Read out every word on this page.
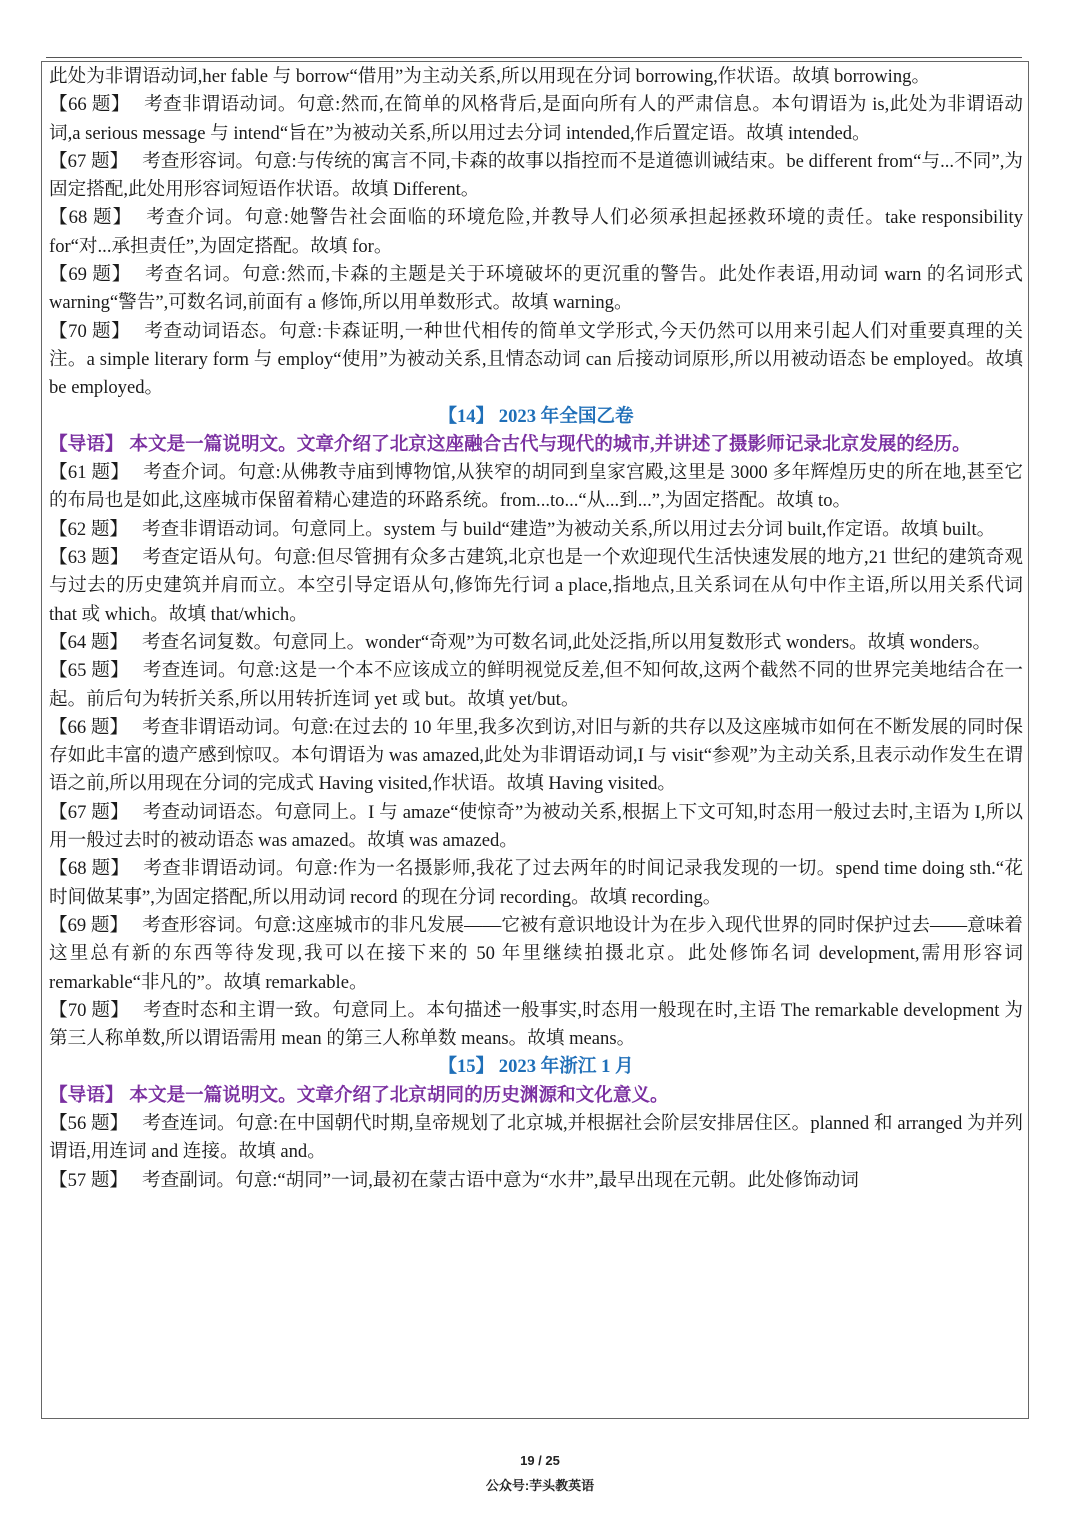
此处为非谓语动词,her fable 与 borrow“借用”为主动关系,所以用现在分词 borrowing,作状语。故填 borrowing。

【66 题】 考查非谓语动词。句意:然而,在简单的风格背后,是面向所有人的严肃信息。本句谓语为 is,此处为非谓语动词,a serious message 与 intend“旨在”为被动关系,所以用过去分词 intended,作后置定语。故填 intended。

【67 题】 考查形容词。句意:与传统的寓言不同,卡森的故事以指控而不是道德训诫结束。be different from“与...不同”,为固定搭配,此处用形容词短语作状语。故填 Different。

【68 题】 考查介词。句意:她警告社会面临的环境危险,并教导人们必须承担起拯救环境的责任。take responsibility for“对...承担责任”,为固定搭配。故填 for。

【69 题】 考查名词。句意:然而,卡森的主题是关于环境破坏的更沉重的警告。此处作表语,用动词 warn 的名词形式 warning“警告”,可数名词,前面有 a 修饰,所以用单数形式。故填 warning。

【70 题】 考查动词语态。句意:卡森证明,一种世代相传的简单文学形式,今天仍然可以用来引起人们对重要真理的关注。a simple literary form 与 employ“使用”为被动关系,且情态动词 can 后接动词原形,所以用被动语态 be employed。故填 be employed。

【14】 2023 年全国乙卷

【导语】 本文是一篇说明文。文章介绍了北京这座融合古代与现代的城市,并讲述了摄影师记录北京发展的经历。

【61 题】 考查介词。句意:从佛教寺庙到博物馆,从狭窄的胡同到皇家宫殿,这里是 3000 多年辉煌历史的所在地,甚至它的布局也是如此,这座城市保留着精心建造的环路系统。from...to...“从...到...”,为固定搭配。故填 to。

【62 题】 考查非谓语动词。句意同上。system 与 build“建造”为被动关系,所以用过去分词 built,作定语。故填 built。

【63 题】 考查定语从句。句意:但尽管拥有众多古建筑,北京也是一个欢迎现代生活快速发展的地方,21 世纪的建筑奇观与过去的历史建筑并肩而立。本空引导定语从句,修饰先行词 a place,指地点,且关系词在从句中作主语,所以用关系代词 that 或 which。故填 that/which。

【64 题】 考查名词复数。句意同上。wonder“奇观”为可数名词,此处泛指,所以用复数形式 wonders。故填 wonders。

【65 题】 考查连词。句意:这是一个本不应该成立的鲜明视觉反差,但不知何故,这两个截然不同的世界完美地结合在一起。前后句为转折关系,所以用转折连词 yet 或 but。故填 yet/but。

【66 题】 考查非谓语动词。句意:在过去的 10 年里,我多次到访,对旧与新的共存以及这座城市如何在不断发展的同时保存如此丰富的遗产感到惊叹。本句谓语为 was amazed,此处为非谓语动词,I 与 visit“参观”为主动关系,且表示动作发生在谓语之前,所以用现在分词的完成式 Having visited,作状语。故填 Having visited。

【67 题】 考查动词语态。句意同上。I 与 amaze“使惊奇”为被动关系,根据上下文可知,时态用一般过去时,主语为 I,所以用一般过去时的被动语态 was amazed。故填 was amazed。

【68 题】 考查非谓语动词。句意:作为一名摄影师,我花了过去两年的时间记录我发现的一切。spend time doing sth.“花时间做某事”,为固定搭配,所以用动词 record 的现在分词 recording。故填 recording。

【69 题】 考查形容词。句意:这座城市的非凡发展——它被有意识地设计为在步入现代世界的同时保护过去——意味着这里总有新的东西等待发现,我可以在接下来的 50 年里继续拍摄北京。此处修饰名词 development,需用形容词 remarkable“非凡的”。故填 remarkable。

【70 题】 考查时态和主谓一致。句意同上。本句描述一般事实,时态用一般现在时,主语 The remarkable development 为第三人称单数,所以谓语需用 mean 的第三人称单数 means。故填 means。

【15】 2023 年浙江 1 月

【导语】 本文是一篇说明文。文章介绍了北京胡同的历史渊源和文化意义。

【56 题】 考查连词。句意:在中国朝代时期,皇帝规划了北京城,并根据社会阶层安排居住区。planned 和 arranged 为并列谓语,用连词 and 连接。故填 and。

【57 题】 考查副词。句意:“胡同”一词,最初在蒙古语中意为“水井”,最早出现在元朝。此处修饰动词

19 / 25
公众号:芋头教英语
